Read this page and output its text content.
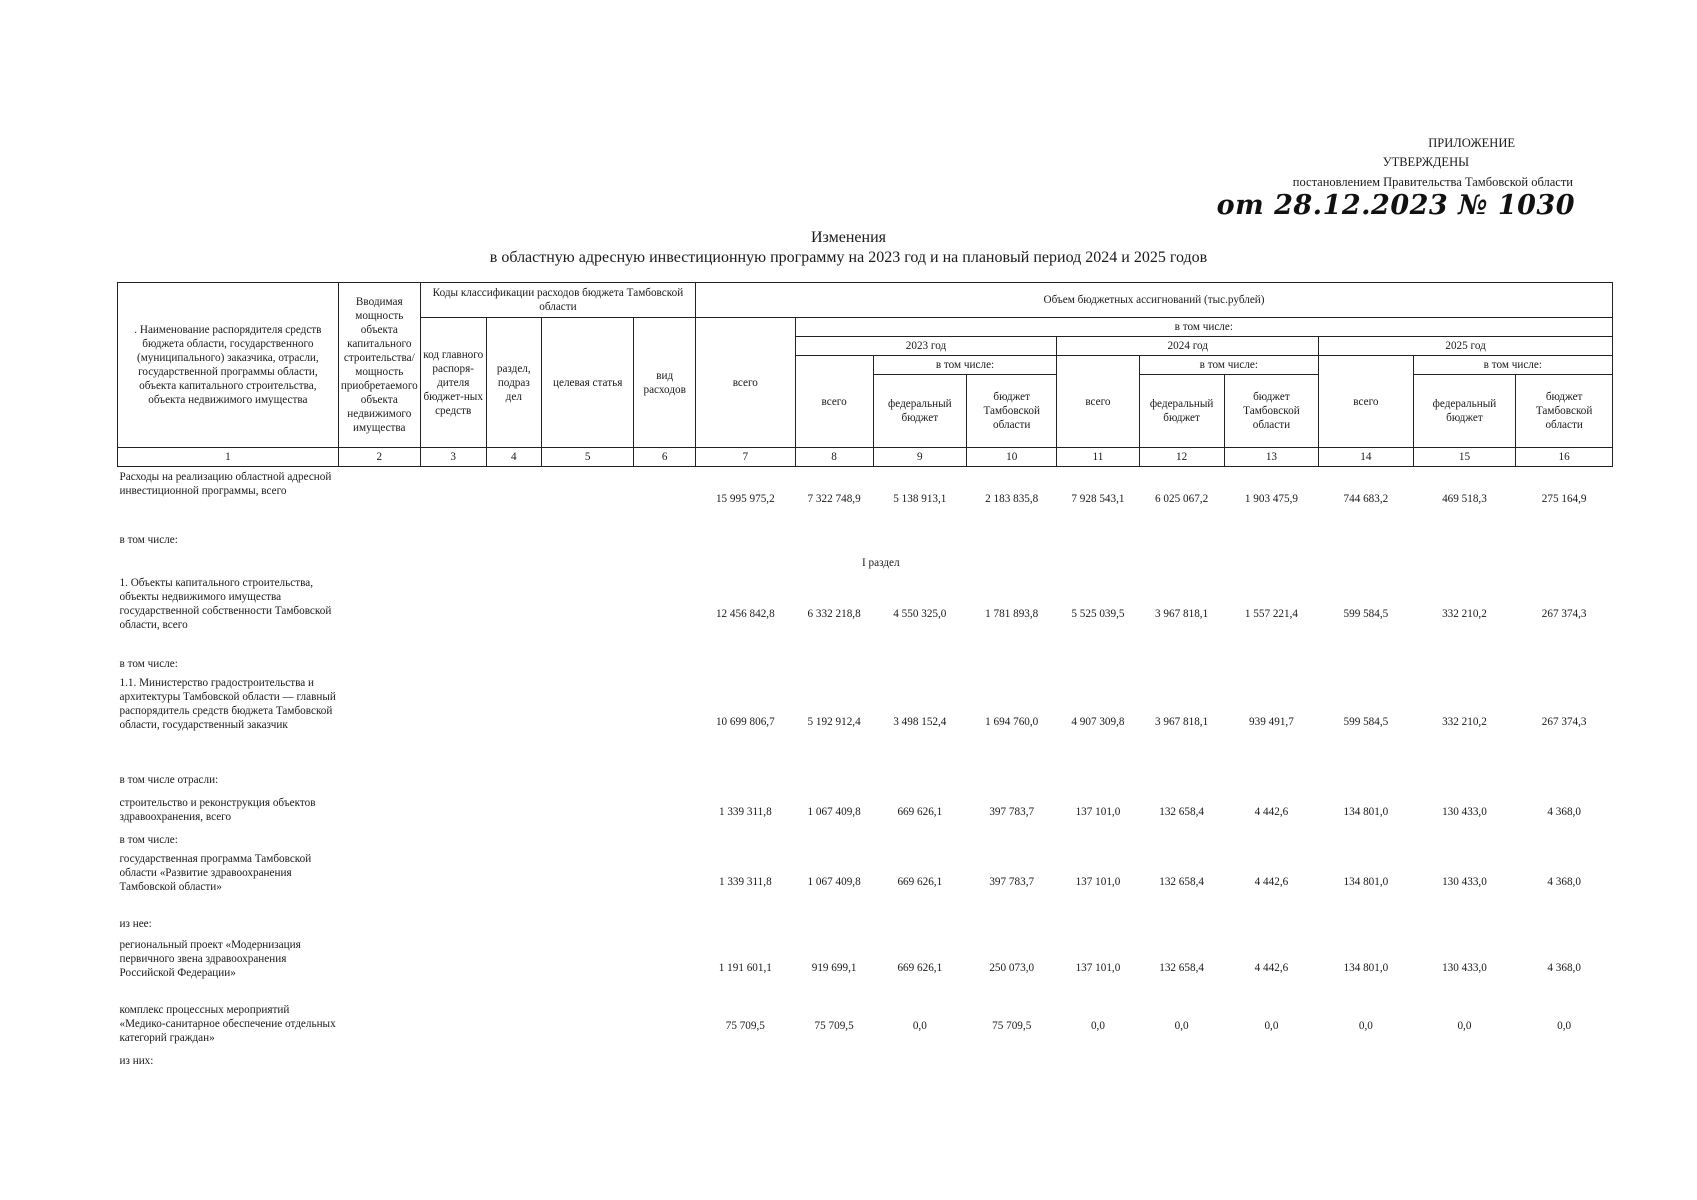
ПРИЛОЖЕНИЕ
УТВЕРЖДЕНЫ
постановлением Правительства Тамбовской области
от 28.12.2023 № 1030
Изменения
в областную адресную инвестиционную программу на 2023 год и на плановый период 2024 и 2025 годов
. Наименование распорядителя средств бюджета области, государственного (муниципального) заказчика, отрасли, государственной программы области, объекта капитального строительства, объекта недвижимого имущества	Вводимая мощность объекта капитального строительства/ мощность приобретаемого объекта недвижимого имущества	Коды классификации расходов бюджета Тамбовской области				Объем бюджетных ассигнований (тыс.рублей)									
		код главного распоря-дителя бюджет-ных средств	раздел, подраз дел	целевая статья	вид расходов	всего	в том числе:								
							2023 год			2024 год			2025 год		
							всего	в том числе:		всего	в том числе:		всего	в том числе:	
								федеральный бюджет	бюджет Тамбовской области		федеральный бюджет	бюджет Тамбовской области		федеральный бюджет	бюджет Тамбовской области
1	2	3	4	5	6	7	8	9	10	11	12	13	14	15	16
Расходы на реализацию областной адресной инвестиционной программы, всего						15 995 975,2	7 322 748,9	5 138 913,1	2 183 835,8	7 928 543,1	6 025 067,2	1 903 475,9	744 683,2	469 518,3	275 164,9
в том числе:															
							I раздел								
1. Объекты капитального строительства, объекты недвижимого имущества государственной собственности Тамбовской области, всего						12 456 842,8	6 332 218,8	4 550 325,0	1 781 893,8	5 525 039,5	3 967 818,1	1 557 221,4	599 584,5	332 210,2	267 374,3
в том числе:															
1.1. Министерство градостроительства и архитектуры Тамбовской области — главный распорядитель средств бюджета Тамбовской области, государственный заказчик						10 699 806,7	5 192 912,4	3 498 152,4	1 694 760,0	4 907 309,8	3 967 818,1	939 491,7	599 584,5	332 210,2	267 374,3
в том числе отрасли:															
строительство и реконструкция объектов здравоохранения, всего						1 339 311,8	1 067 409,8	669 626,1	397 783,7	137 101,0	132 658,4	4 442,6	134 801,0	130 433,0	4 368,0
в том числе:															
государственная программа Тамбовской области «Развитие здравоохранения Тамбовской области»						1 339 311,8	1 067 409,8	669 626,1	397 783,7	137 101,0	132 658,4	4 442,6	134 801,0	130 433,0	4 368,0
из нее:															
региональный проект «Модернизация первичного звена здравоохранения Российской Федерации»						1 191 601,1	919 699,1	669 626,1	250 073,0	137 101,0	132 658,4	4 442,6	134 801,0	130 433,0	4 368,0
комплекс процессных мероприятий «Медико-санитарное обеспечение отдельных категорий граждан»						75 709,5	75 709,5	0,0	75 709,5	0,0	0,0	0,0	0,0	0,0	0,0
из них:															
